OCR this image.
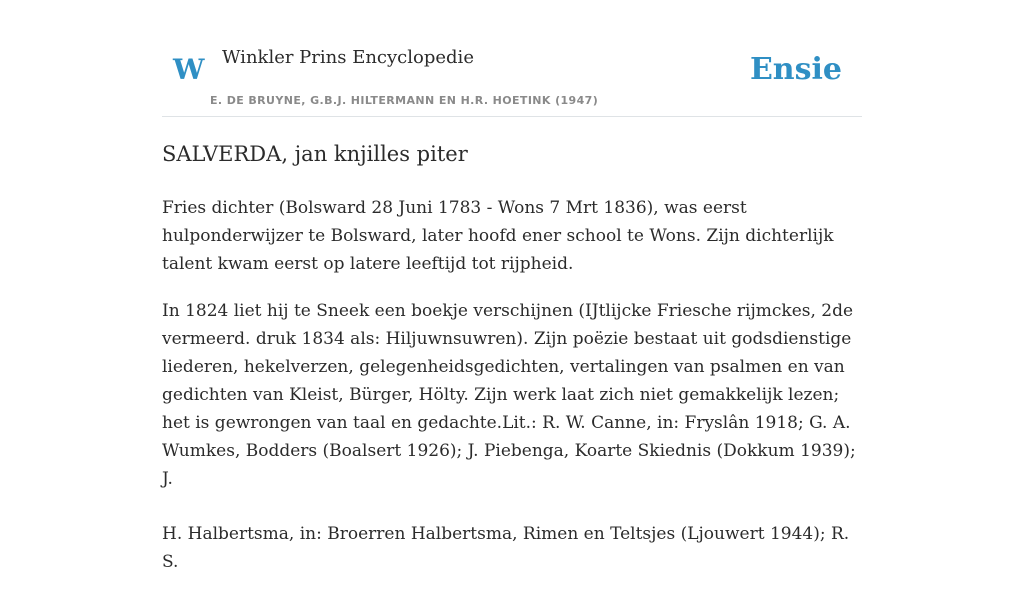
W Winkler Prins Encyclopedie
E. DE BRUYNE, G.B.J. HILTERMANN EN H.R. HOETINK (1947)
Ensie
SALVERDA, jan knjilles piter

Fries dichter (Bolsward 28 Juni 1783 - Wons 7 Mrt 1836), was eerst hulponderwijzer te Bolsward, later hoofd ener school te Wons. Zijn dichterlijk talent kwam eerst op latere leeftijd tot rijpheid.

In 1824 liet hij te Sneek een boekje verschijnen (IJtlijcke Friesche rijmckes, 2de vermeerd. druk 1834 als: Hiljuwnsuwren). Zijn poëzie bestaat uit godsdienstige liederen, hekelverzen, gelegenheidsgedichten, vertalingen van psalmen en van gedichten van Kleist, Bürger, Hölty. Zijn werk laat zich niet gemakkelijk lezen; het is gewrongen van taal en gedachte.Lit.: R. W. Canne, in: Fryslân 1918; G. A. Wumkes, Bodders (Boalsert 1926); J. Piebenga, Koarte Skiednis (Dokkum 1939); J.

H. Halbertsma, in: Broerren Halbertsma, Rimen en Teltsjes (Ljouwert 1944); R. S.
